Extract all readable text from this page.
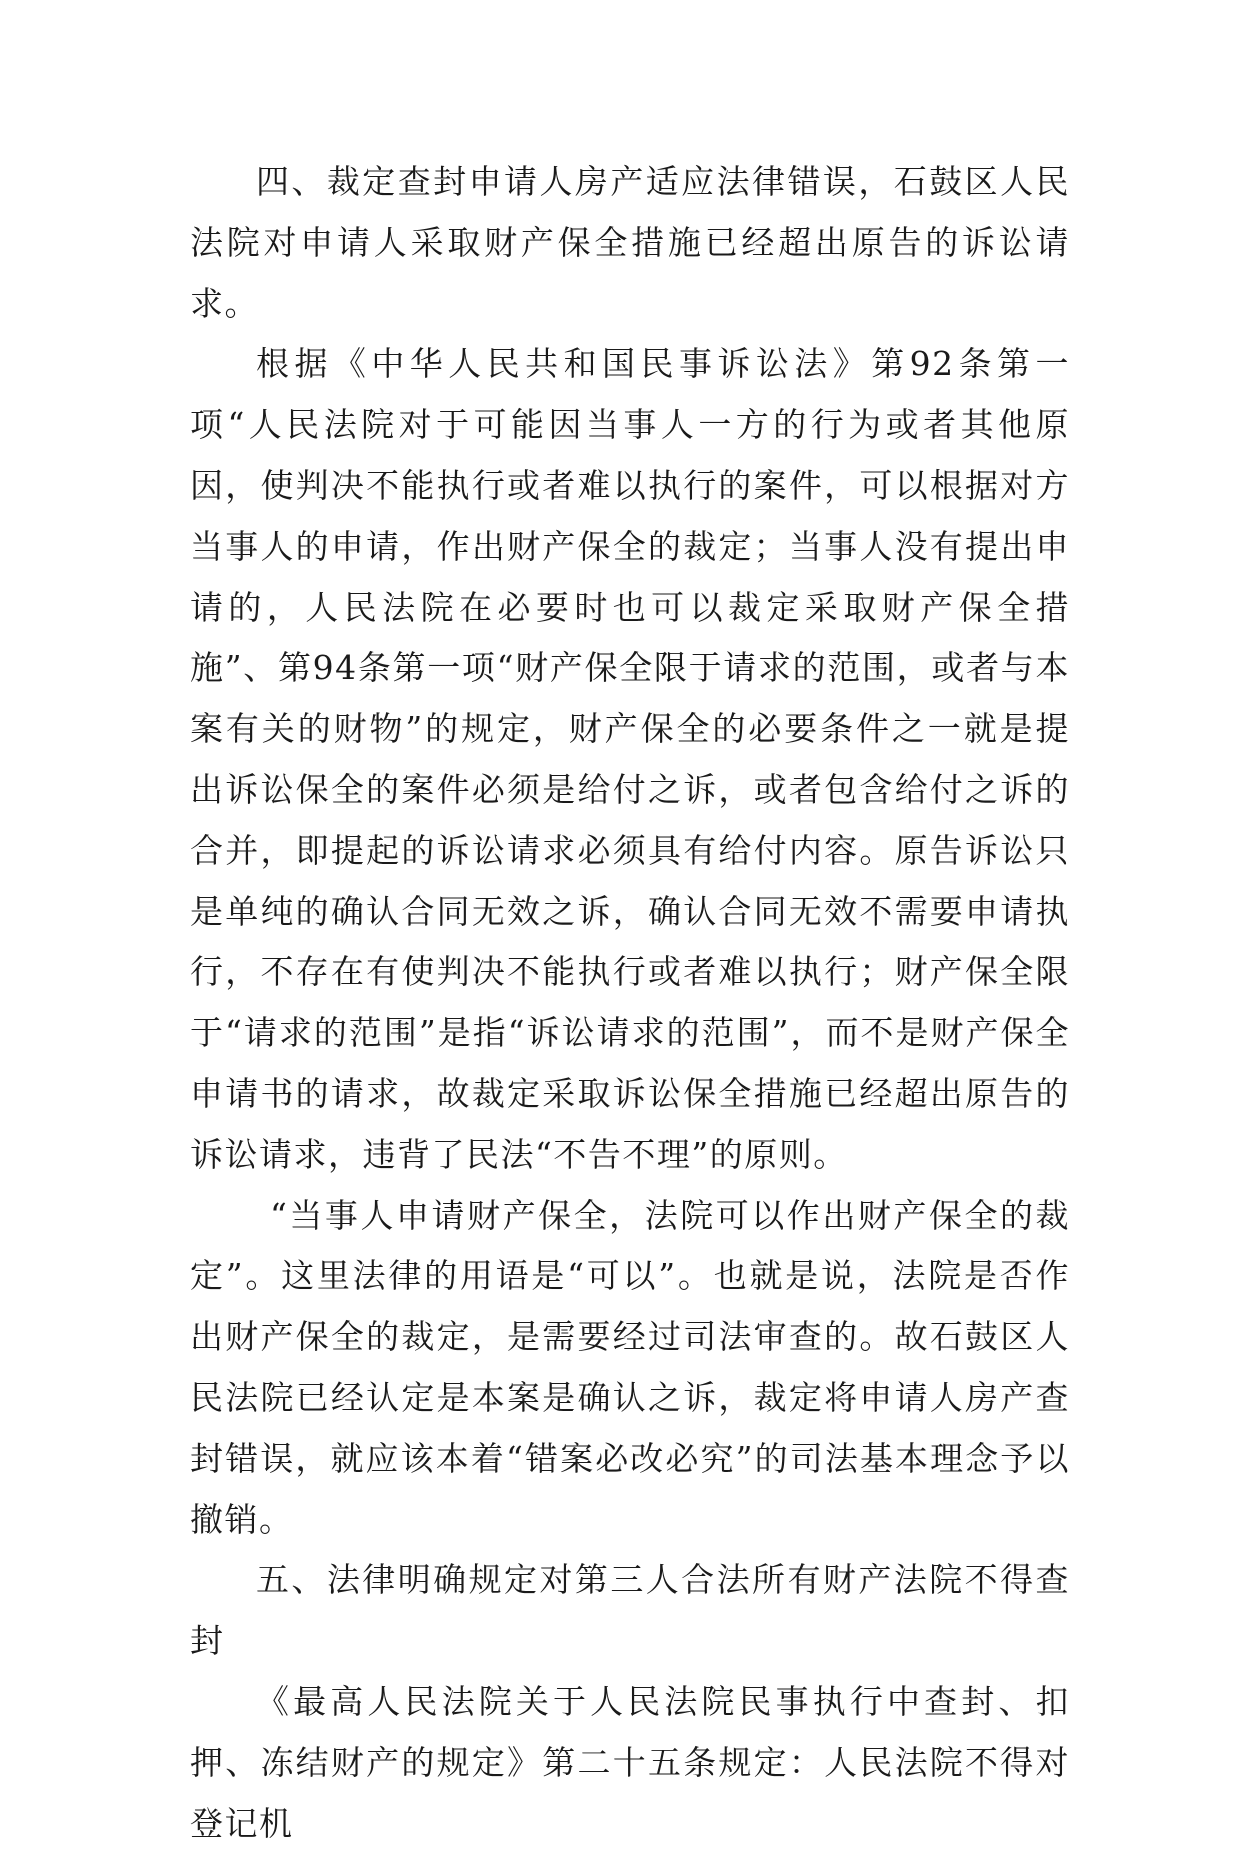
四、裁定查封申请人房产适应法律错误，石鼓区人民法院对申请人采取财产保全措施已经超出原告的诉讼请求。

根据《中华人民共和国民事诉讼法》第92条第一项“人民法院对于可能因当事人一方的行为或者其他原因，使判决不能执行或者难以执行的案件，可以根据对方当事人的申请，作出财产保全的裁定；当事人没有提出申请的，人民法院在必要时也可以裁定采取财产保全措施”、第94条第一项“财产保全限于请求的范围，或者与本案有关的财物”的规定，财产保全的必要条件之一就是提出诉讼保全的案件必须是给付之诉，或者包含给付之诉的合并，即提起的诉讼请求必须具有给付内容。原告诉讼只是单纯的确认合同无效之诉，确认合同无效不需要申请执行，不存在有使判决不能执行或者难以执行；财产保全限于“请求的范围”是指“诉讼请求的范围”，而不是财产保全申请书的请求，故裁定采取诉讼保全措施已经超出原告的诉讼请求，违背了民法“不告不理”的原则。

“当事人申请财产保全，法院可以作出财产保全的裁定”。这里法律的用语是“可以”。也就是说，法院是否作出财产保全的裁定，是需要经过司法审查的。故石鼓区人民法院已经认定是本案是确认之诉，裁定将申请人房产查封错误，就应该本着“错案必改必究”的司法基本理念予以撤销。

五、法律明确规定对第三人合法所有财产法院不得查封

《最高人民法院关于人民法院民事执行中查封、扣押、冻结财产的规定》第二十五条规定：人民法院不得对登记机
